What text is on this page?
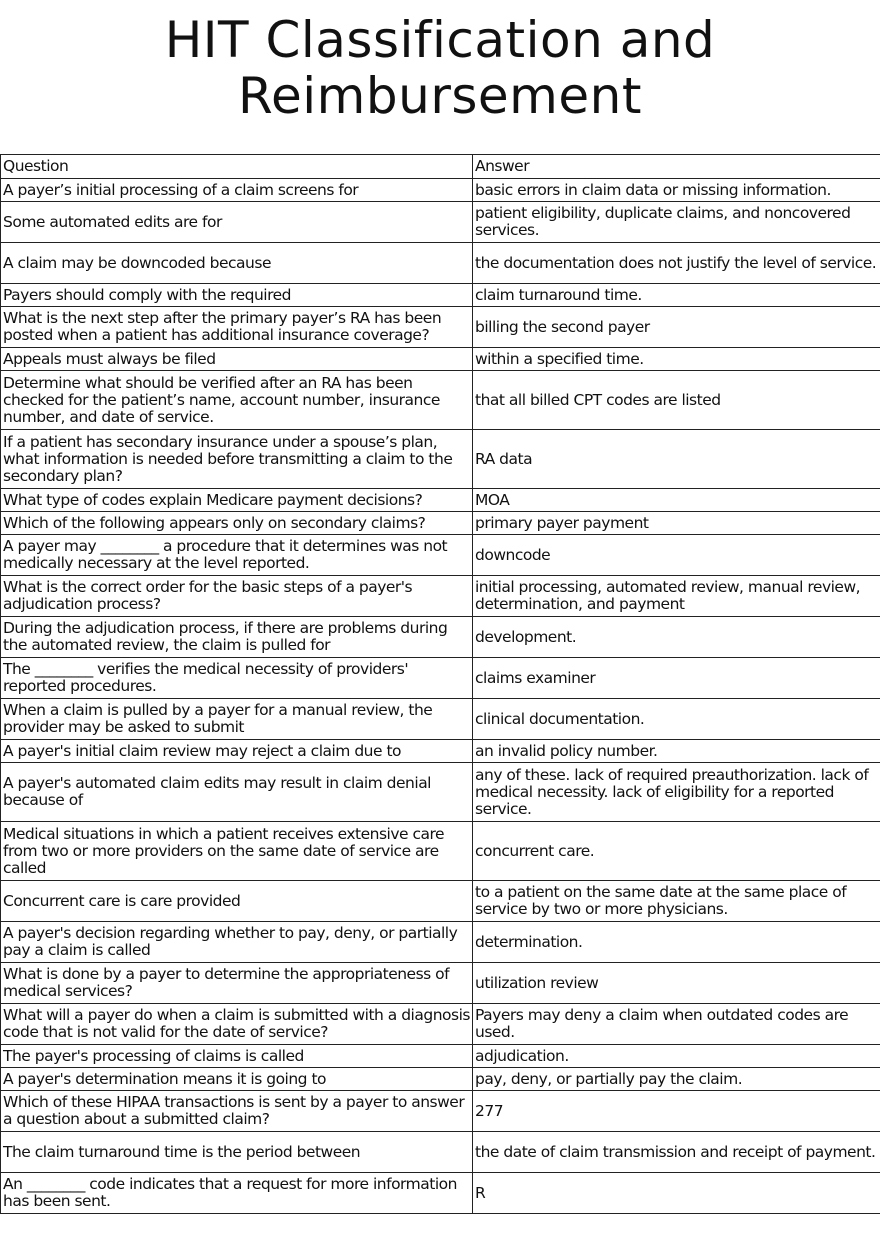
HIT Classification and
Reimbursement
Question	Answer
A payer’s initial processing of a claim screens for	basic errors in claim data or missing information.
Some automated edits are for	patient eligibility, duplicate claims, and noncovered services.
A claim may be downcoded because	the documentation does not justify the level of service.
Payers should comply with the required	claim turnaround time.
What is the next step after the primary payer’s RA has been posted when a patient has additional insurance coverage?	billing the second payer
Appeals must always be filed	within a specified time.
Determine what should be verified after an RA has been checked for the patient’s name, account number, insurance number, and date of service.	that all billed CPT codes are listed
If a patient has secondary insurance under a spouse’s plan, what information is needed before transmitting a claim to the secondary plan?	RA data
What type of codes explain Medicare payment decisions?	MOA
Which of the following appears only on secondary claims?	primary payer payment
A payer may ________ a procedure that it determines was not medically necessary at the level reported.	downcode
What is the correct order for the basic steps of a payer's adjudication process?	initial processing, automated review, manual review, determination, and payment
During the adjudication process, if there are problems during the automated review, the claim is pulled for	development.
The ________ verifies the medical necessity of providers' reported procedures.	claims examiner
When a claim is pulled by a payer for a manual review, the provider may be asked to submit	clinical documentation.
A payer's initial claim review may reject a claim due to	an invalid policy number.
A payer's automated claim edits may result in claim denial because of	any of these. lack of required preauthorization. lack of medical necessity. lack of eligibility for a reported service.
Medical situations in which a patient receives extensive care from two or more providers on the same date of service are called	concurrent care.
Concurrent care is care provided	to a patient on the same date at the same place of service by two or more physicians.
A payer's decision regarding whether to pay, deny, or partially pay a claim is called	determination.
What is done by a payer to determine the appropriateness of medical services?	utilization review
What will a payer do when a claim is submitted with a diagnosis code that is not valid for the date of service?	Payers may deny a claim when outdated codes are used.
The payer's processing of claims is called	adjudication.
A payer's determination means it is going to	pay, deny, or partially pay the claim.
Which of these HIPAA transactions is sent by a payer to answer a question about a submitted claim?	277
The claim turnaround time is the period between	the date of claim transmission and receipt of payment.
An ________ code indicates that a request for more information has been sent.	R
